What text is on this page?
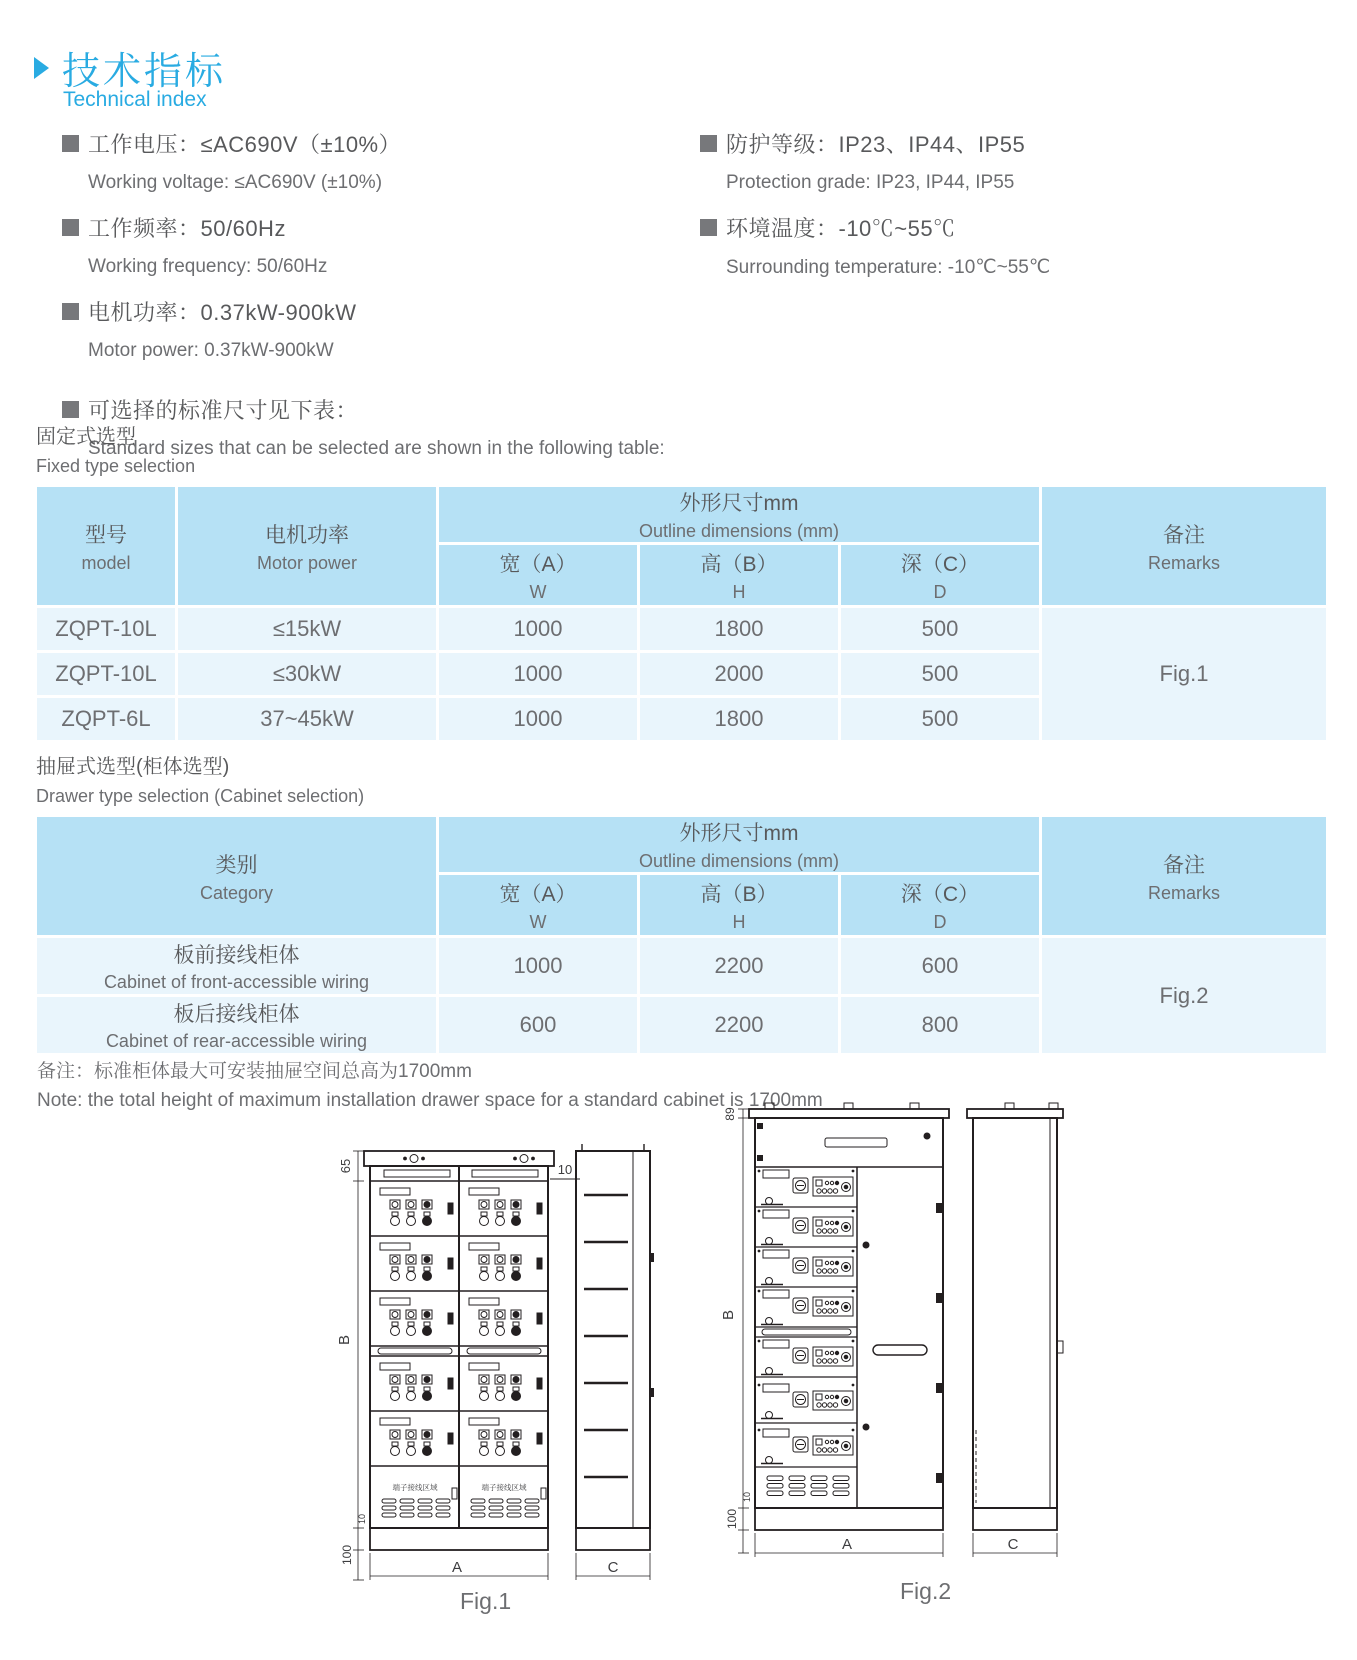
技术指标
Technical index
工作电压：≤AC690V（±10%）
Working voltage: ≤AC690V (±10%)
工作频率：50/60Hz
Working frequency: 50/60Hz
电机功率：0.37kW-900kW
Motor power: 0.37kW-900kW
可选择的标准尺寸见下表：
Standard sizes that can be selected are shown in the following table:
防护等级：IP23、IP44、IP55
Protection grade: IP23, IP44, IP55
环境温度：-10℃~55℃
Surrounding temperature: -10℃~55℃
固定式选型
Fixed type selection
型号
model	电机功率
Motor power	外形尺寸mm
Outline dimensions (mm)			备注
Remarks

		宽（A）
W	高（B）
H	深（C）
D	

ZQPT-10L	≤15kW	1000	1800	500	Fig.1
ZQPT-10L	≤30kW	1000	2000	500	
ZQPT-6L	37~45kW	1000	1800	500	
抽屉式选型(柜体选型)
Drawer type selection (Cabinet selection)
类别
Category	外形尺寸mm
Outline dimensions (mm)			备注
Remarks

	宽（A）
W	高（B）
H	深（C）
D	

板前接线柜体
Cabinet of front-accessible wiring	1000	2200	600	Fig.2

板后接线柜体
Cabinet of rear-accessible wiring	600	2200	800	
备注：标准柜体最大可安装抽屉空间总高为1700mm
Note: the total height of maximum installation drawer space for a standard cabinet is 1700mm
65
B
10
100
端子接线区域	端子接线区域
10
A	C
Fig.1
89
B
10
100
A	C
Fig.2
